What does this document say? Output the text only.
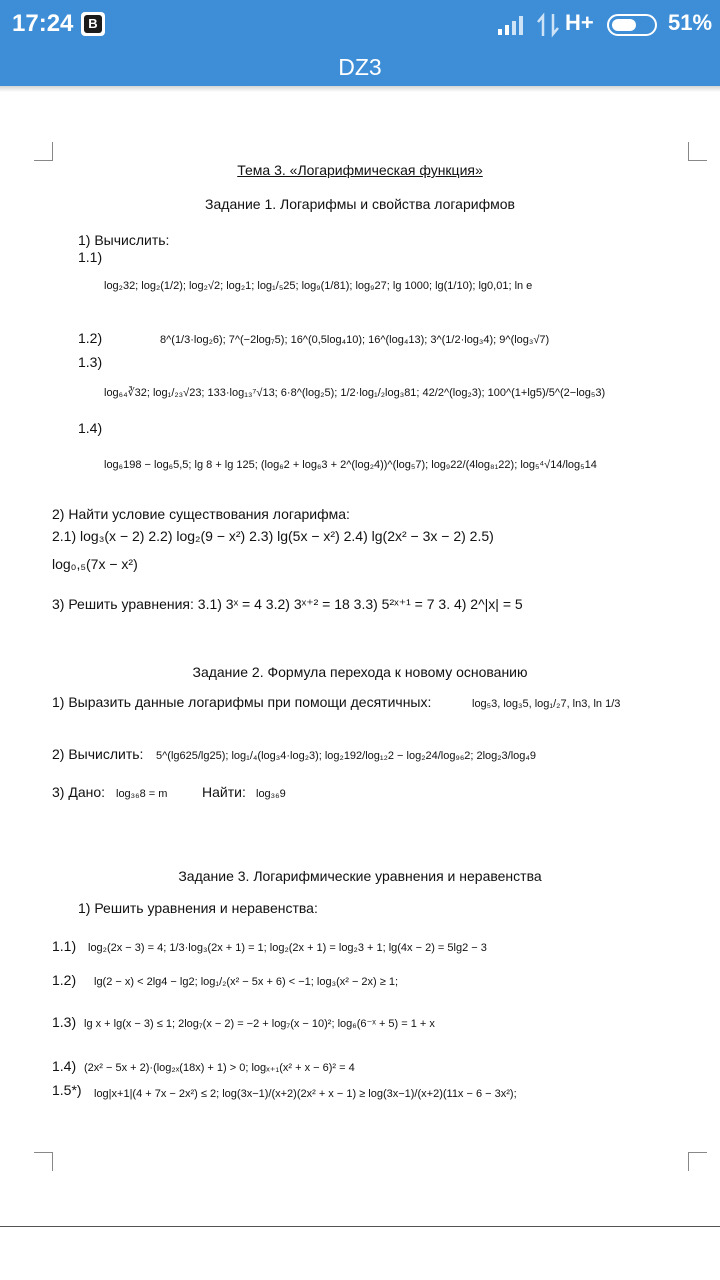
17:24	B	H+	51%
DZ3
Тема 3. «Логарифмическая функция»
Задание 1. Логарифмы и свойства логарифмов
1) Вычислить:
1.1)
log₂32; log₂(1/2); log₂√2; log₂1; log₁/₅25; log₉(1/81); log₉27; lg 1000; lg(1/10); lg0,01; ln e
1.2)	8^(1/3·log₂6); 7^(−2log₇5); 16^(0,5log₄10); 16^(log₄13); 3^(1/2·log₃4); 9^(log₃√7)
1.3)
log₆₄∛32; log₁/₂₃√23; 133·log₁₃⁷√13; 6·8^(log₂5); 1/2·log₁/₂log₃81; 42/2^(log₂3); 100^(1+lg5)/5^(2−log₅3)
1.4)
log₆198 − log₆5,5; lg 8 + lg 125; (log₆2 + log₆3 + 2^(log₂4))^(log₅7); log₉22/(4log₈₁22); log₅⁴√14/log₅14
2) Найти условие существования логарифма:
2.1) log₃(x − 2) 2.2) log₂(9 − x²) 2.3) lg(5x − x²) 2.4) lg(2x² − 3x − 2) 2.5)
log₀,₅(7x − x²)
3) Решить уравнения: 3.1) 3ˣ = 4 3.2) 3ˣ⁺² = 18 3.3) 5²ˣ⁺¹ = 7 3. 4) 2^|x| = 5
Задание 2. Формула перехода к новому основанию
1) Выразить данные логарифмы при помощи десятичных:	log₅3, log₃5, log₁/₂7, ln3, ln 1/3
2) Вычислить: 5^(lg625/lg25); log₁/₄(log₃4·log₂3); log₂192/log₁₂2 − log₂24/log₉₆2; 2log₂3/log₄9
3) Дано: log₃₆8 = m Найти: log₃₆9
Задание 3. Логарифмические уравнения и неравенства
1) Решить уравнения и неравенства:
1.1) log₂(2x − 3) = 4; 1/3·log₃(2x + 1) = 1; log₂(2x + 1) = log₂3 + 1; lg(4x − 2) = 5lg2 − 3
1.2) lg(2 − x) < 2lg4 − lg2; log₁/₂(x² − 5x + 6) < −1; log₃(x² − 2x) ≥ 1;
1.3) lg x + lg(x − 3) ≤ 1; 2log₇(x − 2) = −2 + log₇(x − 10)²; log₆(6⁻ˣ + 5) = 1 + x
1.4) (2x² − 5x + 2)·(log₂ₓ(18x) + 1) > 0; logₓ₊₁(x² + x − 6)² = 4
1.5*) log|x+1|(4 + 7x − 2x²) ≤ 2; log(3x−1)/(x+2)(2x² + x − 1) ≥ log(3x−1)/(x+2)(11x − 6 − 3x²);
